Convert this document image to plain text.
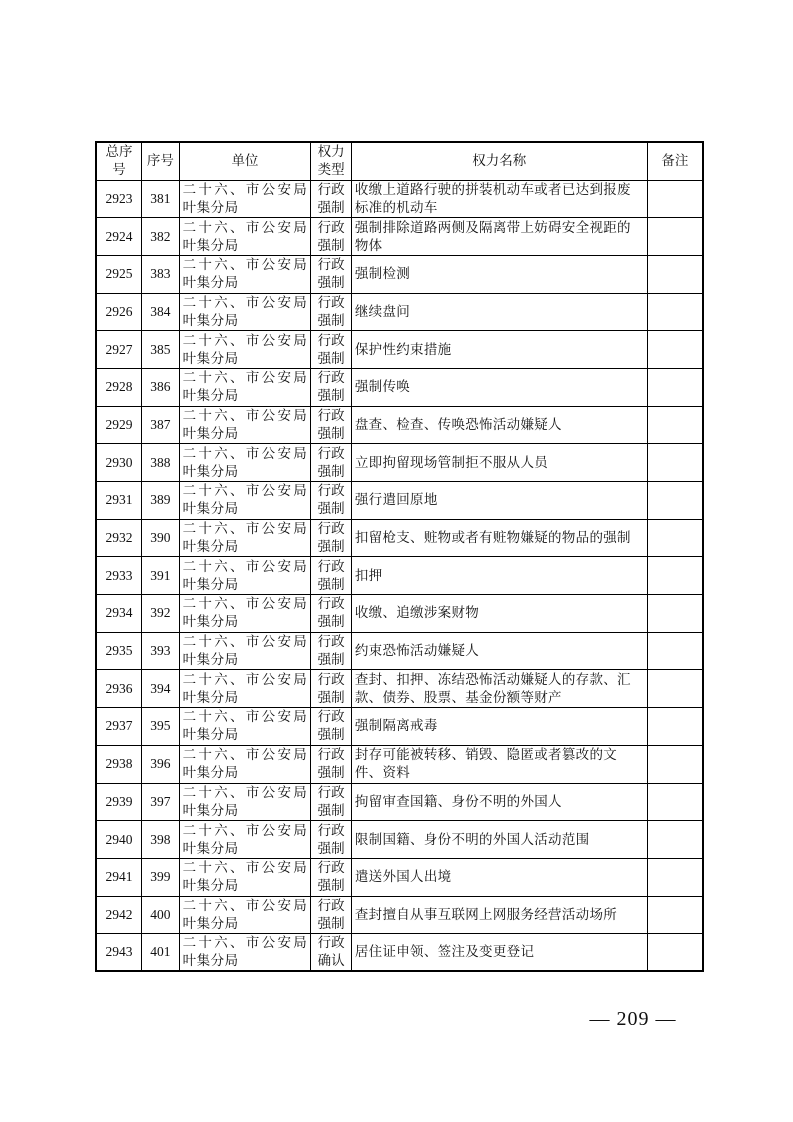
总序号	序号	单位	权力类型	权力名称	备注
2923	381	二十六、市公安局叶集分局	行政强制	收缴上道路行驶的拼装机动车或者已达到报废标准的机动车	
2924	382	二十六、市公安局叶集分局	行政强制	强制排除道路两侧及隔离带上妨碍安全视距的物体	
2925	383	二十六、市公安局叶集分局	行政强制	强制检测	
2926	384	二十六、市公安局叶集分局	行政强制	继续盘问	
2927	385	二十六、市公安局叶集分局	行政强制	保护性约束措施	
2928	386	二十六、市公安局叶集分局	行政强制	强制传唤	
2929	387	二十六、市公安局叶集分局	行政强制	盘查、检查、传唤恐怖活动嫌疑人	
2930	388	二十六、市公安局叶集分局	行政强制	立即拘留现场管制拒不服从人员	
2931	389	二十六、市公安局叶集分局	行政强制	强行遣回原地	
2932	390	二十六、市公安局叶集分局	行政强制	扣留枪支、赃物或者有赃物嫌疑的物品的强制	
2933	391	二十六、市公安局叶集分局	行政强制	扣押	
2934	392	二十六、市公安局叶集分局	行政强制	收缴、追缴涉案财物	
2935	393	二十六、市公安局叶集分局	行政强制	约束恐怖活动嫌疑人	
2936	394	二十六、市公安局叶集分局	行政强制	查封、扣押、冻结恐怖活动嫌疑人的存款、汇款、债券、股票、基金份额等财产	
2937	395	二十六、市公安局叶集分局	行政强制	强制隔离戒毒	
2938	396	二十六、市公安局叶集分局	行政强制	封存可能被转移、销毁、隐匿或者篡改的文件、资料	
2939	397	二十六、市公安局叶集分局	行政强制	拘留审查国籍、身份不明的外国人	
2940	398	二十六、市公安局叶集分局	行政强制	限制国籍、身份不明的外国人活动范围	
2941	399	二十六、市公安局叶集分局	行政强制	遣送外国人出境	
2942	400	二十六、市公安局叶集分局	行政强制	查封擅自从事互联网上网服务经营活动场所	
2943	401	二十六、市公安局叶集分局	行政确认	居住证申领、签注及变更登记	
— 209 —
